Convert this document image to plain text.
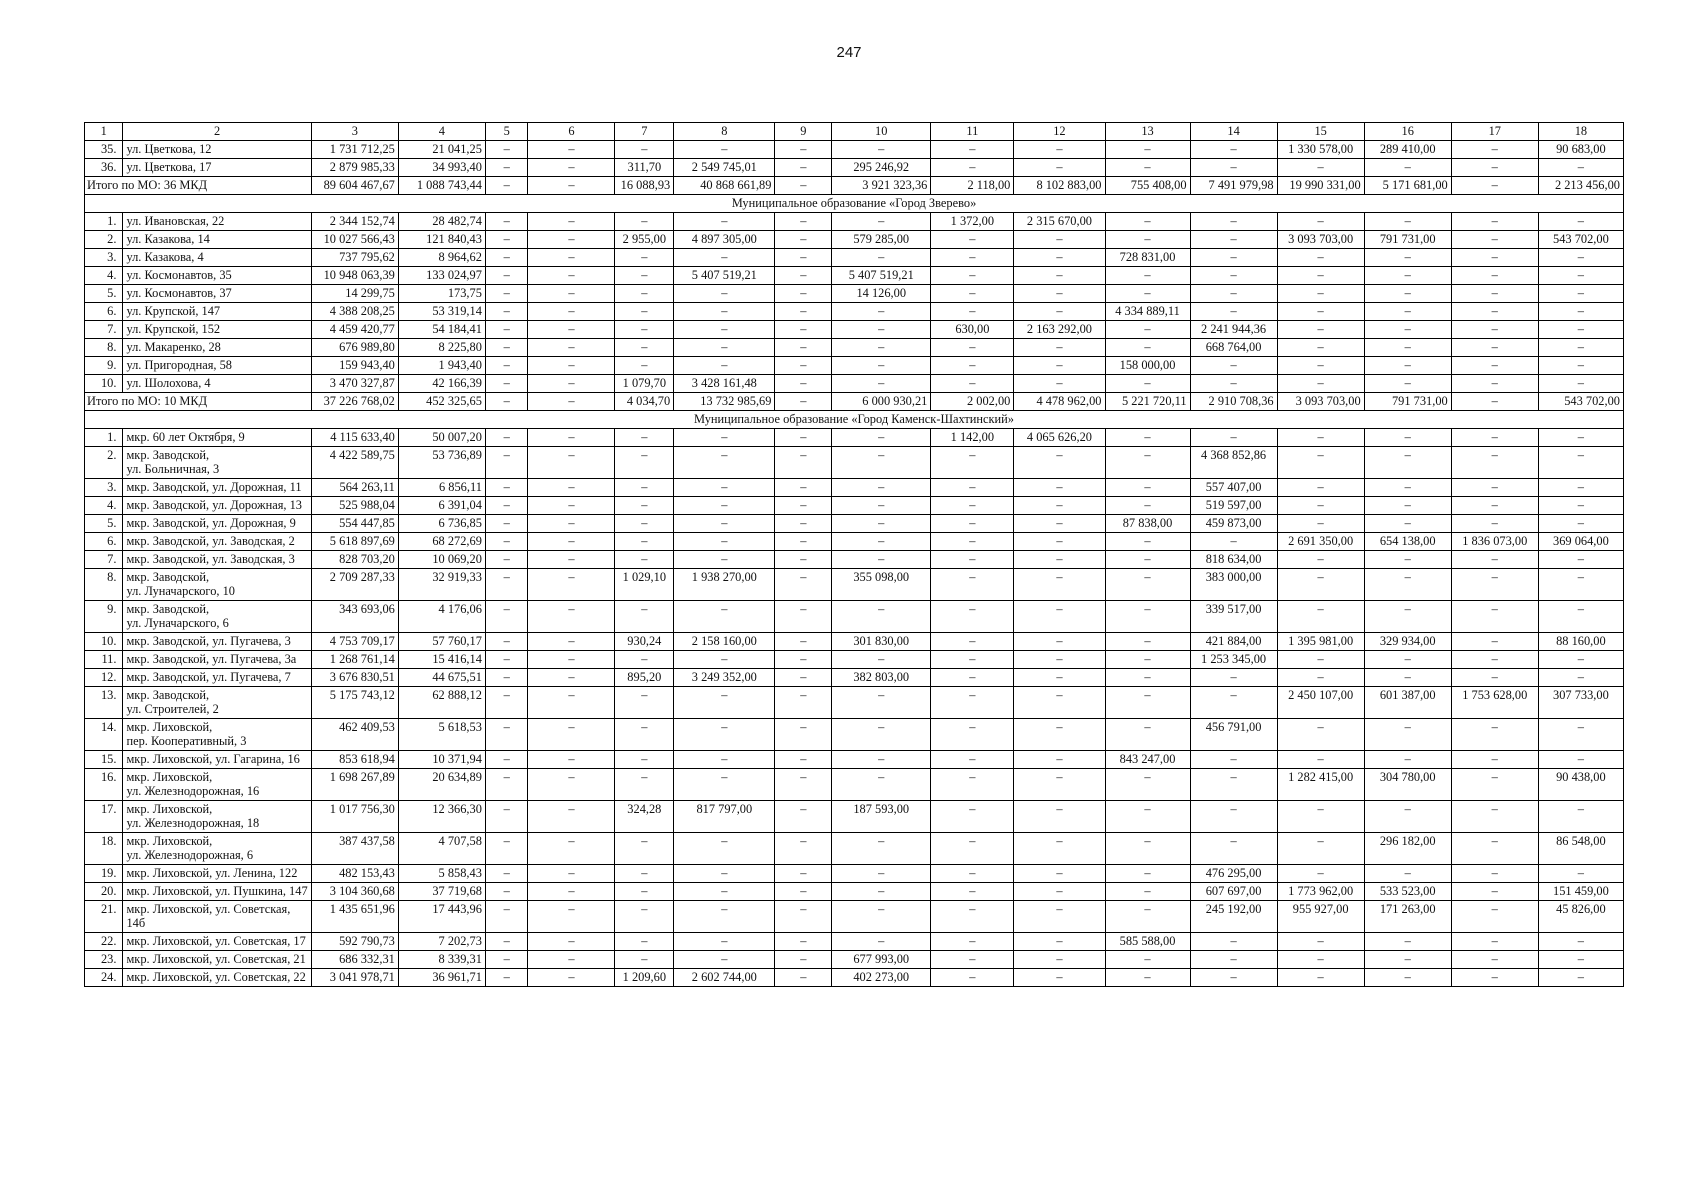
247
1	2	3	4	5	6	7	8	9	10	11	12	13	14	15	16	17	18
35.	ул. Цветкова, 12	1 731 712,25	21 041,25	–	–	–	–	–	–	–	–	–	–	1 330 578,00	289 410,00	–	90 683,00
36.	ул. Цветкова, 17	2 879 985,33	34 993,40	–	–	311,70	2 549 745,01	–	295 246,92	–	–	–	–	–	–	–	–
Итого по МО: 36 МКД		89 604 467,67	1 088 743,44	–	–	16 088,93	40 868 661,89	–	3 921 323,36	2 118,00	8 102 883,00	755 408,00	7 491 979,98	19 990 331,00	5 171 681,00	–	2 213 456,00
Муниципальное образование «Город Зверево»																	
1.	ул. Ивановская, 22	2 344 152,74	28 482,74	–	–	–	–	–	–	1 372,00	2 315 670,00	–	–	–	–	–	–
2.	ул. Казакова, 14	10 027 566,43	121 840,43	–	–	2 955,00	4 897 305,00	–	579 285,00	–	–	–	–	3 093 703,00	791 731,00	–	543 702,00
3.	ул. Казакова, 4	737 795,62	8 964,62	–	–	–	–	–	–	–	–	728 831,00	–	–	–	–	–
4.	ул. Космонавтов, 35	10 948 063,39	133 024,97	–	–	–	5 407 519,21	–	5 407 519,21	–	–	–	–	–	–	–	–
5.	ул. Космонавтов, 37	14 299,75	173,75	–	–	–	–	–	14 126,00	–	–	–	–	–	–	–	–
6.	ул. Крупской, 147	4 388 208,25	53 319,14	–	–	–	–	–	–	–	–	4 334 889,11	–	–	–	–	–
7.	ул. Крупской, 152	4 459 420,77	54 184,41	–	–	–	–	–	–	630,00	2 163 292,00	–	2 241 944,36	–	–	–	–
8.	ул. Макаренко, 28	676 989,80	8 225,80	–	–	–	–	–	–	–	–	–	668 764,00	–	–	–	–
9.	ул. Пригородная, 58	159 943,40	1 943,40	–	–	–	–	–	–	–	–	158 000,00	–	–	–	–	–
10.	ул. Шолохова, 4	3 470 327,87	42 166,39	–	–	1 079,70	3 428 161,48	–	–	–	–	–	–	–	–	–	–
Итого по МО: 10 МКД		37 226 768,02	452 325,65	–	–	4 034,70	13 732 985,69	–	6 000 930,21	2 002,00	4 478 962,00	5 221 720,11	2 910 708,36	3 093 703,00	791 731,00	–	543 702,00
Муниципальное образование «Город Каменск-Шахтинский»																	
1.	мкр. 60 лет Октября, 9	4 115 633,40	50 007,20	–	–	–	–	–	–	1 142,00	4 065 626,20	–	–	–	–	–	–
2.	мкр. Заводской,
ул. Больничная, 3	4 422 589,75	53 736,89	–	–	–	–	–	–	–	–	–	4 368 852,86	–	–	–	–
3.	мкр. Заводской, ул. Дорожная, 11	564 263,11	6 856,11	–	–	–	–	–	–	–	–	–	557 407,00	–	–	–	–
4.	мкр. Заводской, ул. Дорожная, 13	525 988,04	6 391,04	–	–	–	–	–	–	–	–	–	519 597,00	–	–	–	–
5.	мкр. Заводской, ул. Дорожная, 9	554 447,85	6 736,85	–	–	–	–	–	–	–	–	87 838,00	459 873,00	–	–	–	–
6.	мкр. Заводской, ул. Заводская, 2	5 618 897,69	68 272,69	–	–	–	–	–	–	–	–	–	–	2 691 350,00	654 138,00	1 836 073,00	369 064,00
7.	мкр. Заводской, ул. Заводская, 3	828 703,20	10 069,20	–	–	–	–	–	–	–	–	–	818 634,00	–	–	–	–
8.	мкр. Заводской,
ул. Луначарского, 10	2 709 287,33	32 919,33	–	–	1 029,10	1 938 270,00	–	355 098,00	–	–	–	383 000,00	–	–	–	–
9.	мкр. Заводской,
ул. Луначарского, 6	343 693,06	4 176,06	–	–	–	–	–	–	–	–	–	339 517,00	–	–	–	–
10.	мкр. Заводской, ул. Пугачева, 3	4 753 709,17	57 760,17	–	–	930,24	2 158 160,00	–	301 830,00	–	–	–	421 884,00	1 395 981,00	329 934,00	–	88 160,00
11.	мкр. Заводской, ул. Пугачева, 3а	1 268 761,14	15 416,14	–	–	–	–	–	–	–	–	–	1 253 345,00	–	–	–	–
12.	мкр. Заводской, ул. Пугачева, 7	3 676 830,51	44 675,51	–	–	895,20	3 249 352,00	–	382 803,00	–	–	–	–	–	–	–	–
13.	мкр. Заводской,
ул. Строителей, 2	5 175 743,12	62 888,12	–	–	–	–	–	–	–	–	–	–	2 450 107,00	601 387,00	1 753 628,00	307 733,00
14.	мкр. Лиховской,
пер. Кооперативный, 3	462 409,53	5 618,53	–	–	–	–	–	–	–	–	–	456 791,00	–	–	–	–
15.	мкр. Лиховской, ул. Гагарина, 16	853 618,94	10 371,94	–	–	–	–	–	–	–	–	843 247,00	–	–	–	–	–
16.	мкр. Лиховской,
ул. Железнодорожная, 16	1 698 267,89	20 634,89	–	–	–	–	–	–	–	–	–	–	1 282 415,00	304 780,00	–	90 438,00
17.	мкр. Лиховской,
ул. Железнодорожная, 18	1 017 756,30	12 366,30	–	–	324,28	817 797,00	–	187 593,00	–	–	–	–	–	–	–	–
18.	мкр. Лиховской,
ул. Железнодорожная, 6	387 437,58	4 707,58	–	–	–	–	–	–	–	–	–	–	–	296 182,00	–	86 548,00
19.	мкр. Лиховской, ул. Ленина, 122	482 153,43	5 858,43	–	–	–	–	–	–	–	–	–	476 295,00	–	–	–	–
20.	мкр. Лиховской, ул. Пушкина, 147	3 104 360,68	37 719,68	–	–	–	–	–	–	–	–	–	607 697,00	1 773 962,00	533 523,00	–	151 459,00
21.	мкр. Лиховской, ул. Советская, 14б	1 435 651,96	17 443,96	–	–	–	–	–	–	–	–	–	245 192,00	955 927,00	171 263,00	–	45 826,00
22.	мкр. Лиховской, ул. Советская, 17	592 790,73	7 202,73	–	–	–	–	–	–	–	–	585 588,00	–	–	–	–	–
23.	мкр. Лиховской, ул. Советская, 21	686 332,31	8 339,31	–	–	–	–	–	677 993,00	–	–	–	–	–	–	–	–
24.	мкр. Лиховской, ул. Советская, 22	3 041 978,71	36 961,71	–	–	1 209,60	2 602 744,00	–	402 273,00	–	–	–	–	–	–	–	–
